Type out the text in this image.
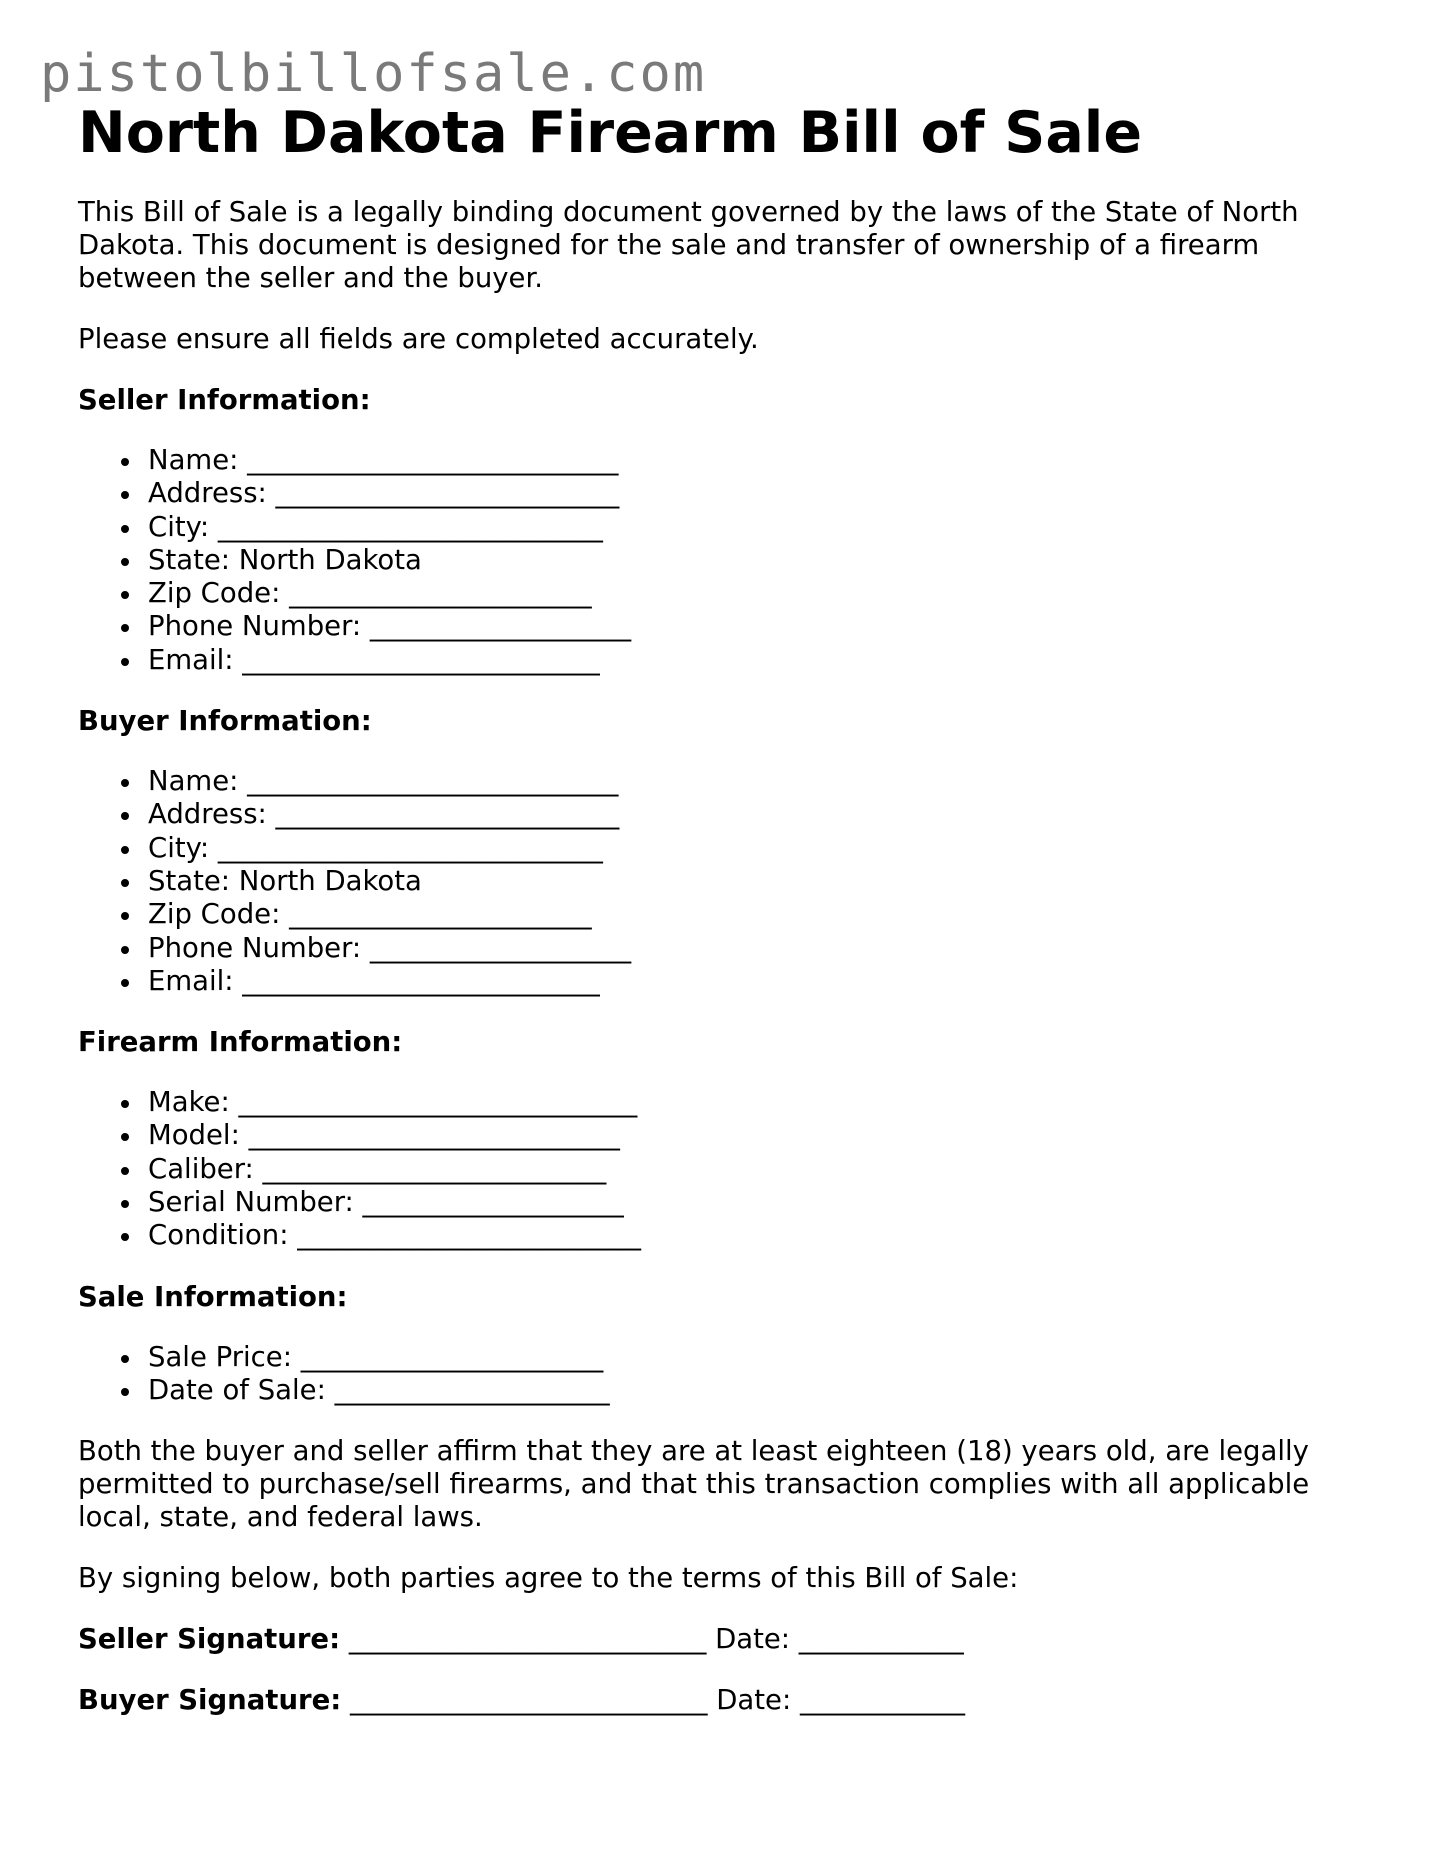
pistolbillofsale.com
North Dakota Firearm Bill of Sale

This Bill of Sale is a legally binding document governed by the laws of the State of North
Dakota. This document is designed for the sale and transfer of ownership of a firearm
between the seller and the buyer.

Please ensure all fields are completed accurately.

Seller Information:
Name: ___________________________
Address: _________________________
City: ____________________________
State: North Dakota
Zip Code: ______________________
Phone Number: ___________________
Email: __________________________
Buyer Information:
Name: ___________________________
Address: _________________________
City: ____________________________
State: North Dakota
Zip Code: ______________________
Phone Number: ___________________
Email: __________________________
Firearm Information:
Make: _____________________________
Model: ___________________________
Caliber: _________________________
Serial Number: ___________________
Condition: _________________________
Sale Information:
Sale Price: ______________________
Date of Sale: ____________________

Both the buyer and seller affirm that they are at least eighteen (18) years old, are legally
permitted to purchase/sell firearms, and that this transaction complies with all applicable
local, state, and federal laws.

By signing below, both parties agree to the terms of this Bill of Sale:

Seller Signature: __________________________ Date: ____________

Buyer Signature: __________________________ Date: ____________
